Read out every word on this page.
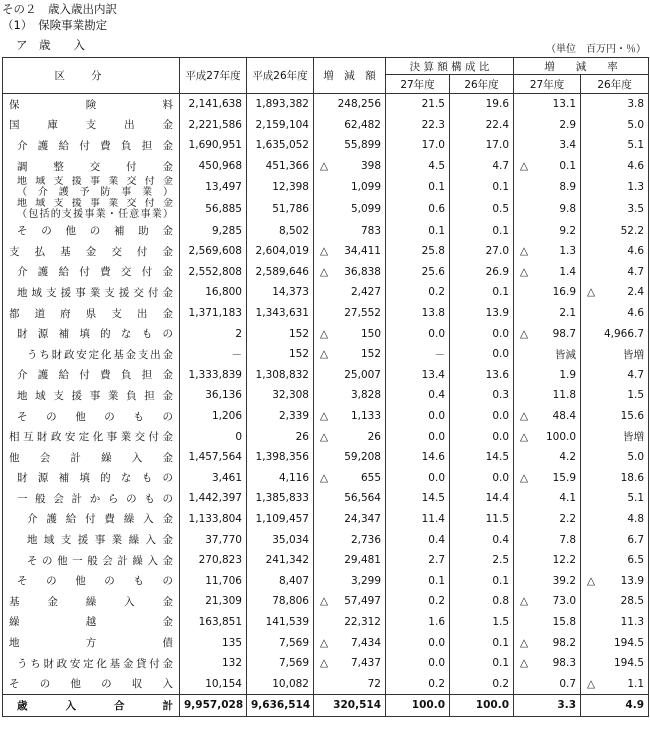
その２　歳入歳出内訳
（1）　保険事業勘定
ア　歳　　入	（単位　百万円・％）
区分	平成27年度	平成26年度	増　減　額	決 算 額 構 成 比		増　　減　　率	
				27年度	26年度	27年度	26年度

保険料	2,141,638	1,893,382	248,256	21.5	19.6	13.1	3.8

国庫支出金	2,221,586	2,159,104	62,482	22.3	22.4	2.9	5.0

介護給付費負担金	1,690,951	1,635,052	55,899	17.0	17.0	3.4	5.1

調整交付金	450,968	451,366	△ 398	4.5	4.7	△ 0.1	4.6

地域支援事業交付金
（介護予防事業）	13,497	12,398	1,099	0.1	0.1	8.9	1.3

地域支援事業交付金
（包括的支援事業・任意事業）	56,885	51,786	5,099	0.6	0.5	9.8	3.5

その他の補助金	9,285	8,502	783	0.1	0.1	9.2	52.2

支払基金交付金	2,569,608	2,604,019	△ 34,411	25.8	27.0	△ 1.3	4.6

介護給付費交付金	2,552,808	2,589,646	△ 36,838	25.6	26.9	△ 1.4	4.7

地域支援事業支援交付金	16,800	14,373	2,427	0.2	0.1	16.9	△ 2.4

都道府県支出金	1,371,183	1,343,631	27,552	13.8	13.9	2.1	4.6

財源補填的なもの	2	152	△ 150	0.0	0.0	△ 98.7	4,966.7

うち財政安定化基金支出金	－	152	△ 152	－	0.0	皆減	皆増

介護給付費負担金	1,333,839	1,308,832	25,007	13.4	13.6	1.9	4.7

地域支援事業負担金	36,136	32,308	3,828	0.4	0.3	11.8	1.5

その他のもの	1,206	2,339	△ 1,133	0.0	0.0	△ 48.4	15.6

相互財政安定化事業交付金	0	26	△ 26	0.0	0.0	△ 100.0	皆増

他会計繰入金	1,457,564	1,398,356	59,208	14.6	14.5	4.2	5.0

財源補填的なもの	3,461	4,116	△ 655	0.0	0.0	△ 15.9	18.6

一般会計からのもの	1,442,397	1,385,833	56,564	14.5	14.4	4.1	5.1

介護給付費繰入金	1,133,804	1,109,457	24,347	11.4	11.5	2.2	4.8

地域支援事業繰入金	37,770	35,034	2,736	0.4	0.4	7.8	6.7

その他一般会計繰入金	270,823	241,342	29,481	2.7	2.5	12.2	6.5

その他のもの	11,706	8,407	3,299	0.1	0.1	39.2	△ 13.9

基金繰入金	21,309	78,806	△ 57,497	0.2	0.8	△ 73.0	28.5

繰越金	163,851	141,539	22,312	1.6	1.5	15.8	11.3

地方債	135	7,569	△ 7,434	0.0	0.1	△ 98.2	194.5

うち財政安定化基金貸付金	132	7,569	△ 7,437	0.0	0.1	△ 98.3	194.5

その他の収入	10,154	10,082	72	0.2	0.2	0.7	△ 1.1
歳入合計	9,957,028	9,636,514	320,514	100.0	100.0	3.3	4.9
